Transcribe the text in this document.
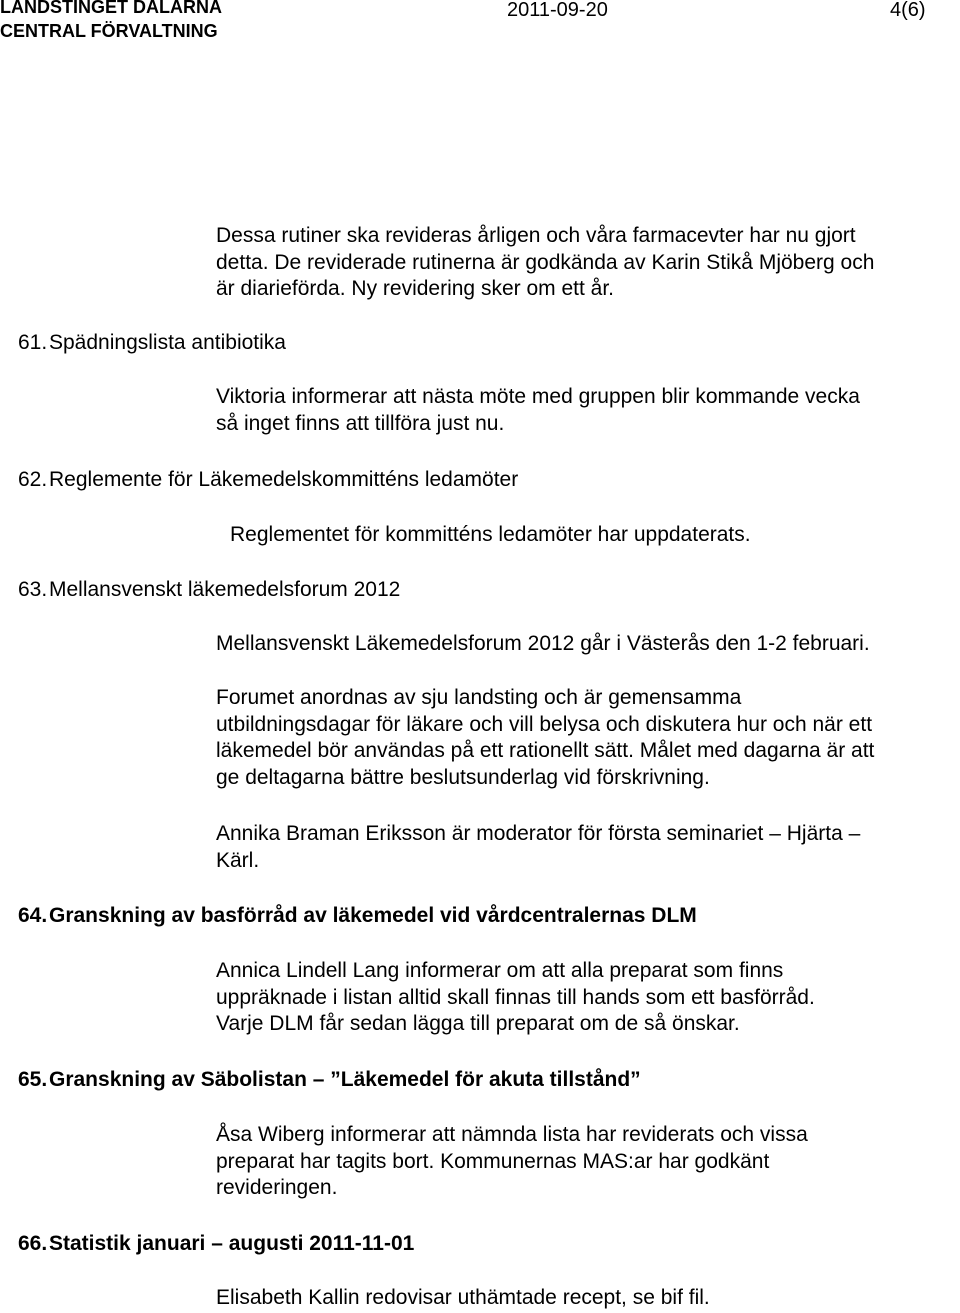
LANDSTINGET DALARNA
CENTRAL FÖRVALTNING
2011-09-20	4(6)

Dessa rutiner ska revideras årligen och våra farmacevter har nu gjort

detta. De reviderade rutinerna är godkända av Karin Stikå Mjöberg och

är diarieförda. Ny revidering sker om ett år.

61.Spädningslista antibiotika

Viktoria informerar att nästa möte med gruppen blir kommande vecka

så inget finns att tillföra just nu.

62.Reglemente för Läkemedelskommitténs ledamöter

Reglementet för kommitténs ledamöter har uppdaterats.

63.Mellansvenskt läkemedelsforum 2012

Mellansvenskt Läkemedelsforum 2012 går i Västerås den 1-2 februari.

Forumet anordnas av sju landsting och är gemensamma

utbildningsdagar för läkare och vill belysa och diskutera hur och när ett

läkemedel bör användas på ett rationellt sätt. Målet med dagarna är att

ge deltagarna bättre beslutsunderlag vid förskrivning.

Annika Braman Eriksson är moderator för första seminariet – Hjärta –

Kärl.

64.Granskning av basförråd av läkemedel vid vårdcentralernas DLM

Annica Lindell Lang informerar om att alla preparat som finns

uppräknade i listan alltid skall finnas till hands som ett basförråd.

Varje DLM får sedan lägga till preparat om de så önskar.

65.Granskning av Säbolistan – ”Läkemedel för akuta tillstånd”

Åsa Wiberg informerar att nämnda lista har reviderats och vissa

preparat har tagits bort. Kommunernas MAS:ar har godkänt

revideringen.

66.Statistik januari – augusti 2011-11-01

Elisabeth Kallin redovisar uthämtade recept, se bif fil.
